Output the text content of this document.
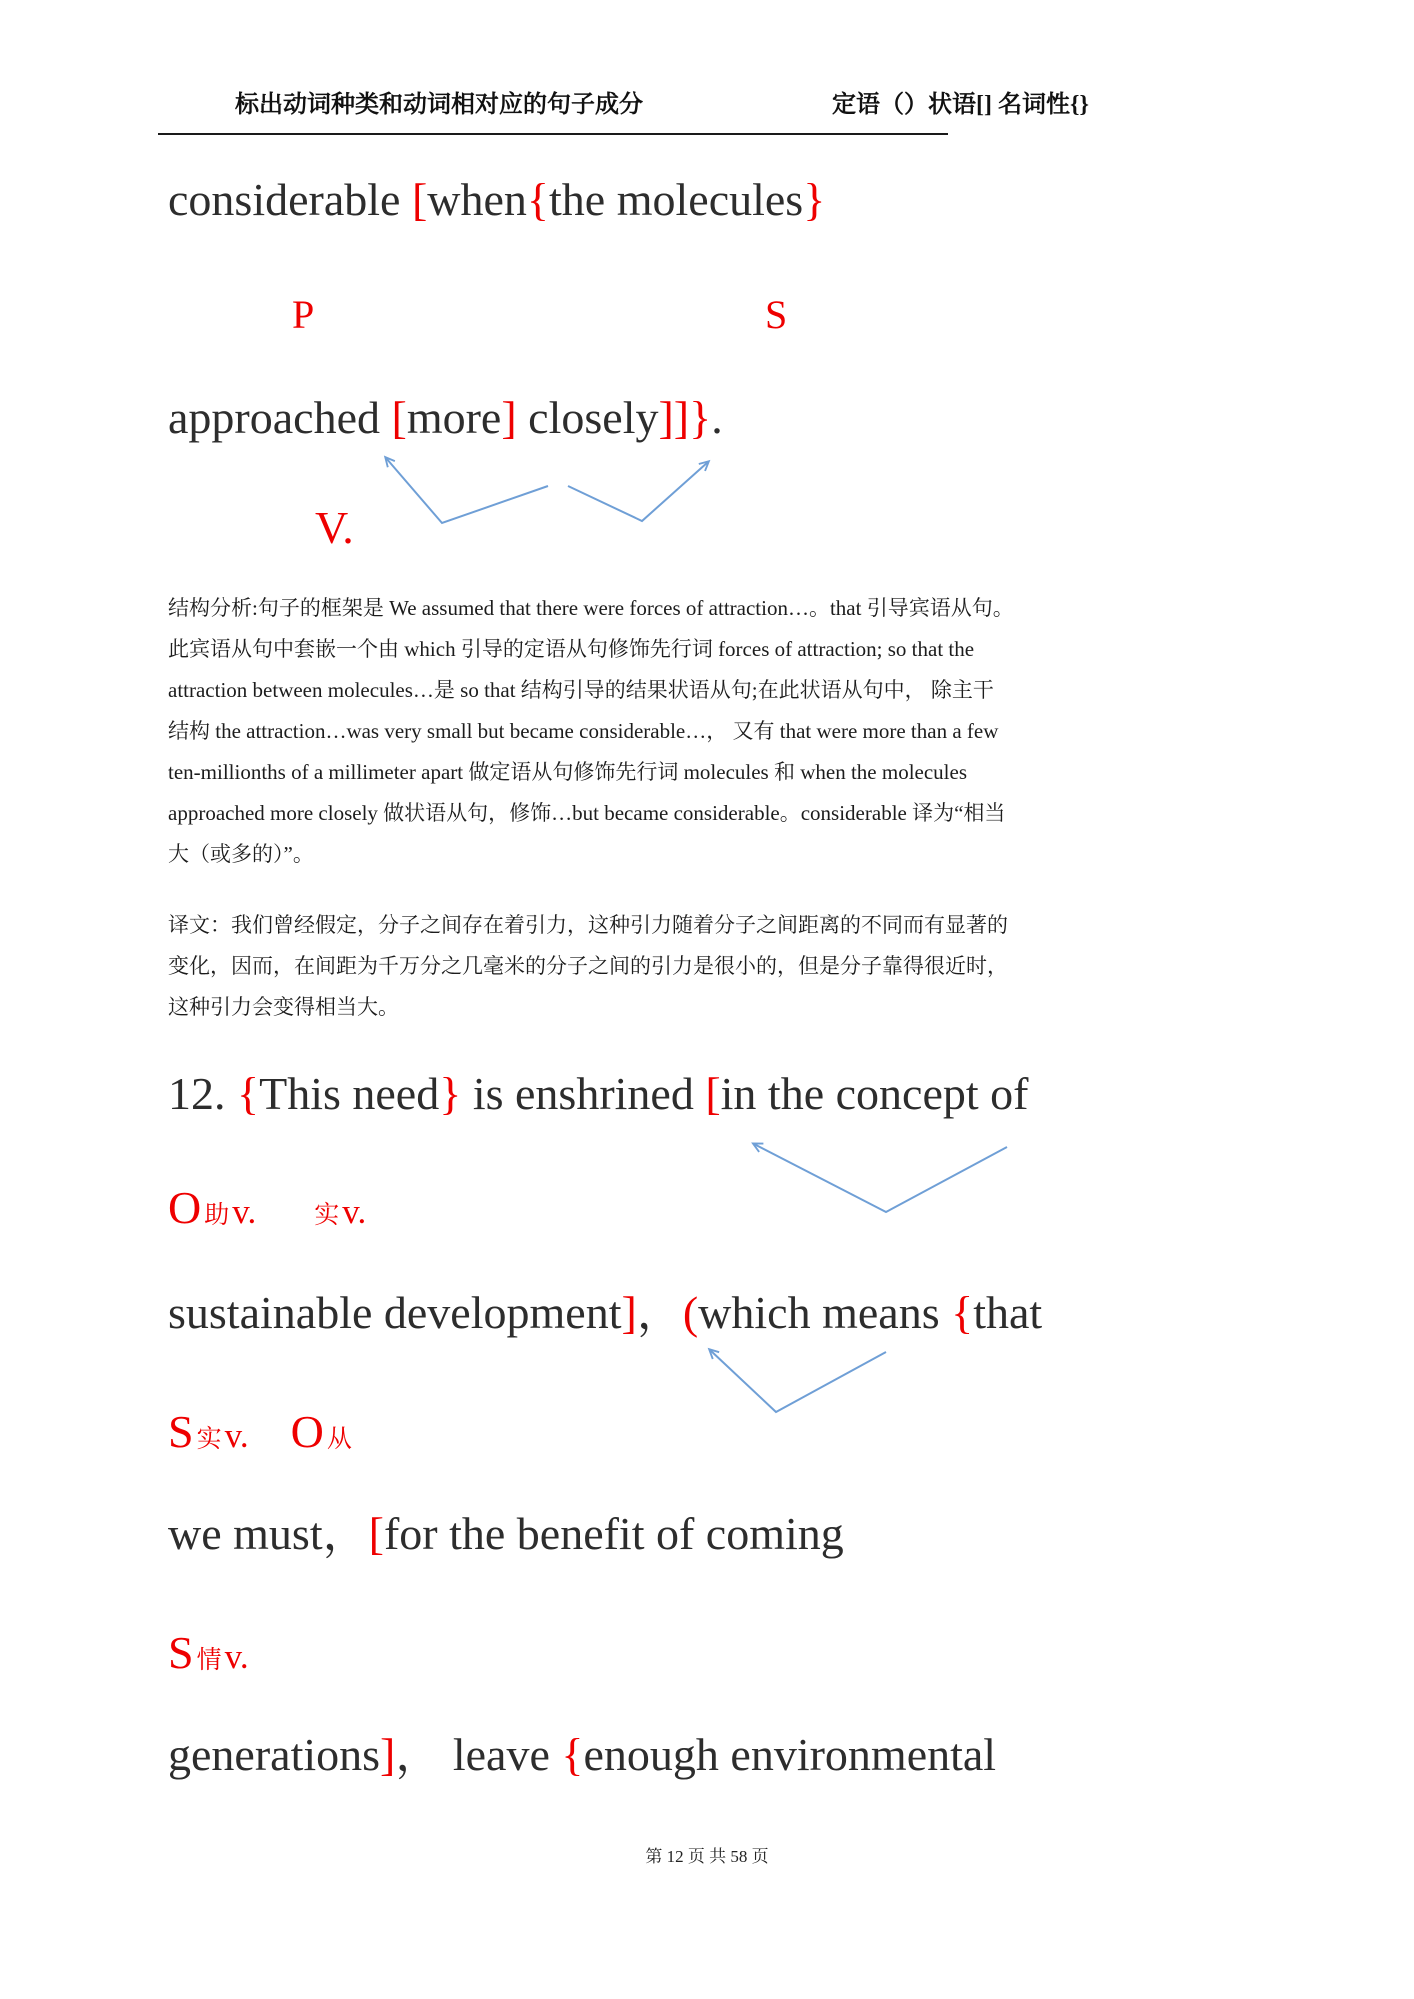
标出动词种类和动词相对应的句子成分	定语（）状语[] 名词性{}
considerable [when{the molecules}
P	S
approached [more] closely]]}.
V.
结构分析:句子的框架是 We assumed that there were forces of attraction…。that 引导宾语从句。
此宾语从句中套嵌一个由 which 引导的定语从句修饰先行词 forces of attraction; so that the
attraction between molecules…是 so that 结构引导的结果状语从句;在此状语从句中， 除主干
结构 the attraction…was very small but became considerable…， 又有 that were more than a few
ten-millionths of a millimeter apart 做定语从句修饰先行词 molecules 和 when the molecules
approached more closely 做状语从句，修饰…but became considerable。considerable 译为“相当
大（或多的）”。
译文：我们曾经假定，分子之间存在着引力，这种引力随着分子之间距离的不同而有显著的
变化，因而，在间距为千万分之几毫米的分子之间的引力是很小的，但是分子靠得很近时，
这种引力会变得相当大。
12. {This need} is enshrined [in the concept of
O助v. 实v.
sustainable development]，(which means {that
S实v. O 从
we must，[for the benefit of coming
S情v.
generations]， leave {enough environmental
第 12 页 共 58 页
